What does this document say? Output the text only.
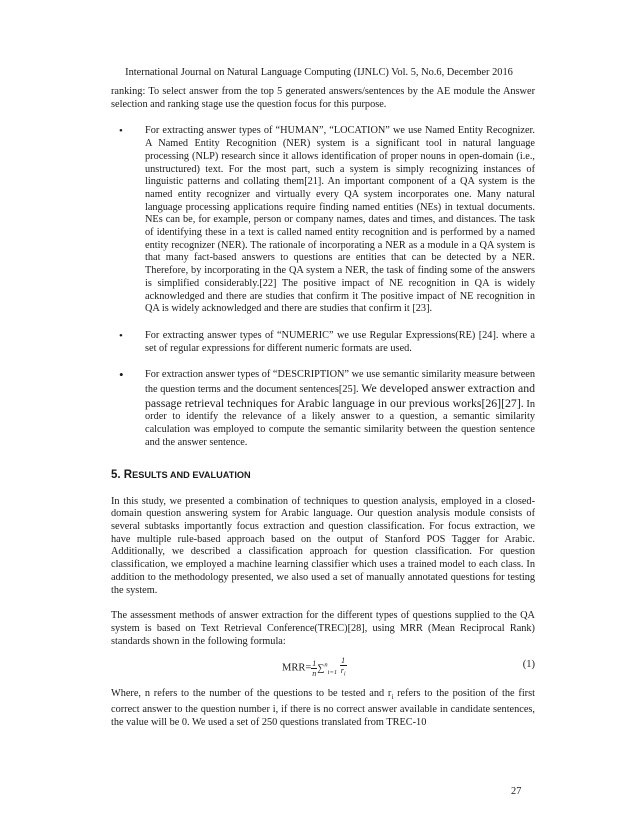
International Journal on Natural Language Computing (IJNLC) Vol. 5, No.6, December 2016

ranking: To select answer from the top 5 generated answers/sentences by the AE module the Answer selection and ranking stage use the question focus for this purpose.

• For extracting answer types of “HUMAN”, “LOCATION” we use Named Entity Recognizer. A Named Entity Recognition (NER) system is a significant tool in natural language processing (NLP) research since it allows identification of proper nouns in open-domain (i.e., unstructured) text. For the most part, such a system is simply recognizing instances of linguistic patterns and collating them[21]. An important component of a QA system is the named entity recognizer and virtually every QA system incorporates one. Many natural language processing applications require finding named entities (NEs) in textual documents. NEs can be, for example, person or company names, dates and times, and distances. The task of identifying these in a text is called named entity recognition and is performed by a named entity recognizer (NER). The rationale of incorporating a NER as a module in a QA system is that many fact-based answers to questions are entities that can be detected by a NER. Therefore, by incorporating in the QA system a NER, the task of finding some of the answers is simplified considerably.[22] The positive impact of NE recognition in QA is widely acknowledged and there are studies that confirm it The positive impact of NE recognition in QA is widely acknowledged and there are studies that confirm it [23].
• For extracting answer types of “NUMERIC” we use Regular Expressions(RE) [24]. where a set of regular expressions for different numeric formats are used.
• For extraction answer types of “DESCRIPTION” we use semantic similarity measure between the question terms and the document sentences[25]. We developed answer extraction and passage retrieval techniques for Arabic language in our previous works[26][27]. In order to identify the relevance of a likely answer to a question, a semantic similarity calculation was employed to compute the semantic similarity between the question sentence and the answer sentence.
5. RESULTS AND EVALUATION

In this study, we presented a combination of techniques to question analysis, employed in a closed-domain question answering system for Arabic language. Our question analysis module consists of several subtasks importantly focus extraction and question classification. For focus extraction, we have multiple rule-based approach based on the output of Stanford POS Tagger for Arabic. Additionally, we described a classification approach for question classification. For question classification, we employed a machine learning classifier which uses a trained model to each class. In addition to the methodology presented, we also used a set of manually annotated questions for testing the system.

The assessment methods of answer extraction for the different types of questions supplied to the QA system is based on Text Retrieval Conference(TREC)[28], using MRR (Mean Reciprocal Rank) standards shown in the following formula:

$MRR= \frac{1}{n} \sum^n_{i=1} \frac{1}{r_i}$	(1)

Where, n refers to the number of the questions to be tested and $r_i$ refers to the position of the first correct answer to the question number i, if there is no correct answer available in candidate sentences, the value will be 0. We used a set of 250 questions translated from TREC-10

27
